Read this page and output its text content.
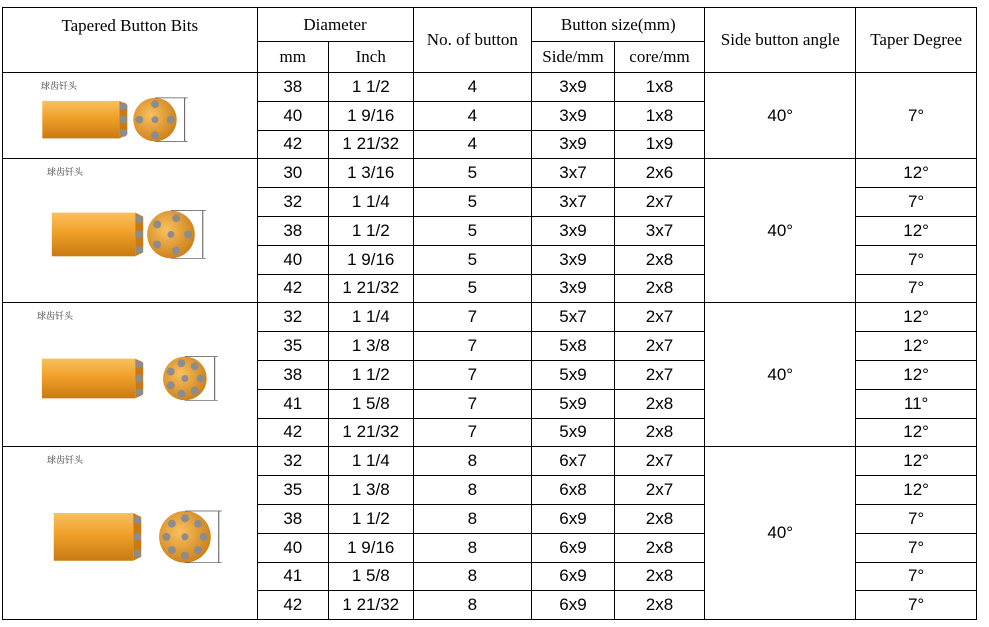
Tapered Button Bits	Diameter		No. of button	Button size(mm)		Side button angle	Taper Degree
	mm	Inch		Side/mm	core/mm		

球齿钎头	38	1 1/2	4	3x9	1x8	40°	7°
	40	1 9/16	4	3x9	1x8		
	42	1 21/32	4	3x9	1x9		

球齿钎头	30	1 3/16	5	3x7	2x6	40°	12°
	32	1 1/4	5	3x7	2x7		7°
	38	1 1/2	5	3x9	3x7		12°
	40	1 9/16	5	3x9	2x8		7°
	42	1 21/32	5	3x9	2x8		7°

球齿钎头	32	1 1/4	7	5x7	2x7	40°	12°
	35	1 3/8	7	5x8	2x7		12°
	38	1 1/2	7	5x9	2x7		12°
	41	1 5/8	7	5x9	2x8		11°
	42	1 21/32	7	5x9	2x8		12°

球齿钎头	32	1 1/4	8	6x7	2x7	40°	12°
	35	1 3/8	8	6x8	2x7		12°
	38	1 1/2	8	6x9	2x8		7°
	40	1 9/16	8	6x9	2x8		7°
	41	1 5/8	8	6x9	2x8		7°
	42	1 21/32	8	6x9	2x8		7°
